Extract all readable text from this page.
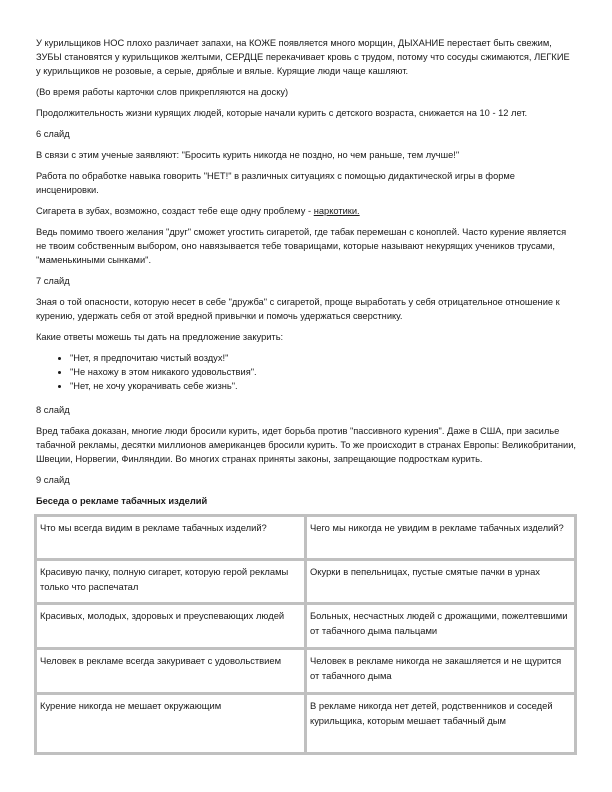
У курильщиков НОС плохо различает запахи, на КОЖЕ появляется много морщин, ДЫХАНИЕ перестает быть свежим, ЗУБЫ становятся у курильщиков желтыми, СЕРДЦЕ перекачивает кровь с трудом, потому что сосуды сжимаются, ЛЕГКИЕ у курильщиков не розовые, а серые, дряблые и вялые. Курящие люди чаще кашляют.

(Во время работы карточки слов прикрепляются на доску)

Продолжительность жизни курящих людей, которые начали курить с детского возраста, снижается на 10 - 12 лет.

6 слайд

В связи с этим ученые заявляют: "Бросить курить никогда не поздно, но чем раньше, тем лучше!"

Работа по обработке навыка говорить "НЕТ!" в различных ситуациях с помощью дидактической игры в форме инсценировки.

Сигарета в зубах, возможно, создаст тебе еще одну проблему - наркотики.

Ведь помимо твоего желания "друг" сможет угостить сигаретой, где табак перемешан с коноплей. Часто курение является не твоим собственным выбором, оно навязывается тебе товарищами, которые называют некурящих учеников трусами, "маменькиными сынками".

7 слайд

Зная о той опасности, которую несет в себе "дружба" с сигаретой, проще выработать у себя отрицательное отношение к курению, удержать себя от этой вредной привычки и помочь удержаться сверстнику.

Какие ответы можешь ты дать на предложение закурить:

• "Нет, я предпочитаю чистый воздух!"
• "Не нахожу в этом никакого удовольствия".
• "Нет, не хочу укорачивать себе жизнь".

8 слайд

Вред табака доказан, многие люди бросили курить, идет борьба против "пассивного курения". Даже в США, при засилье табачной рекламы, десятки миллионов американцев бросили курить. То же происходит в странах Европы: Великобритании, Швеции, Норвегии, Финляндии. Во многих странах приняты законы, запрещающие подросткам курить.

9 слайд

Беседа о рекламе табачных изделий

Что мы всегда видим в рекламе табачных изделий?	Чего мы никогда не увидим в рекламе табачных изделий?
Красивую пачку, полную сигарет, которую герой рекламы только что распечатал	Окурки в пепельницах, пустые смятые пачки в урнах
Красивых, молодых, здоровых и преуспевающих людей	Больных, несчастных людей с дрожащими, пожелтевшими от табачного дыма пальцами
Человек в рекламе всегда закуривает с удовольствием	Человек в рекламе никогда не закашляется и не щурится от табачного дыма
Курение никогда не мешает окружающим	В рекламе никогда нет детей, родственников и соседей курильщика, которым мешает табачный дым
